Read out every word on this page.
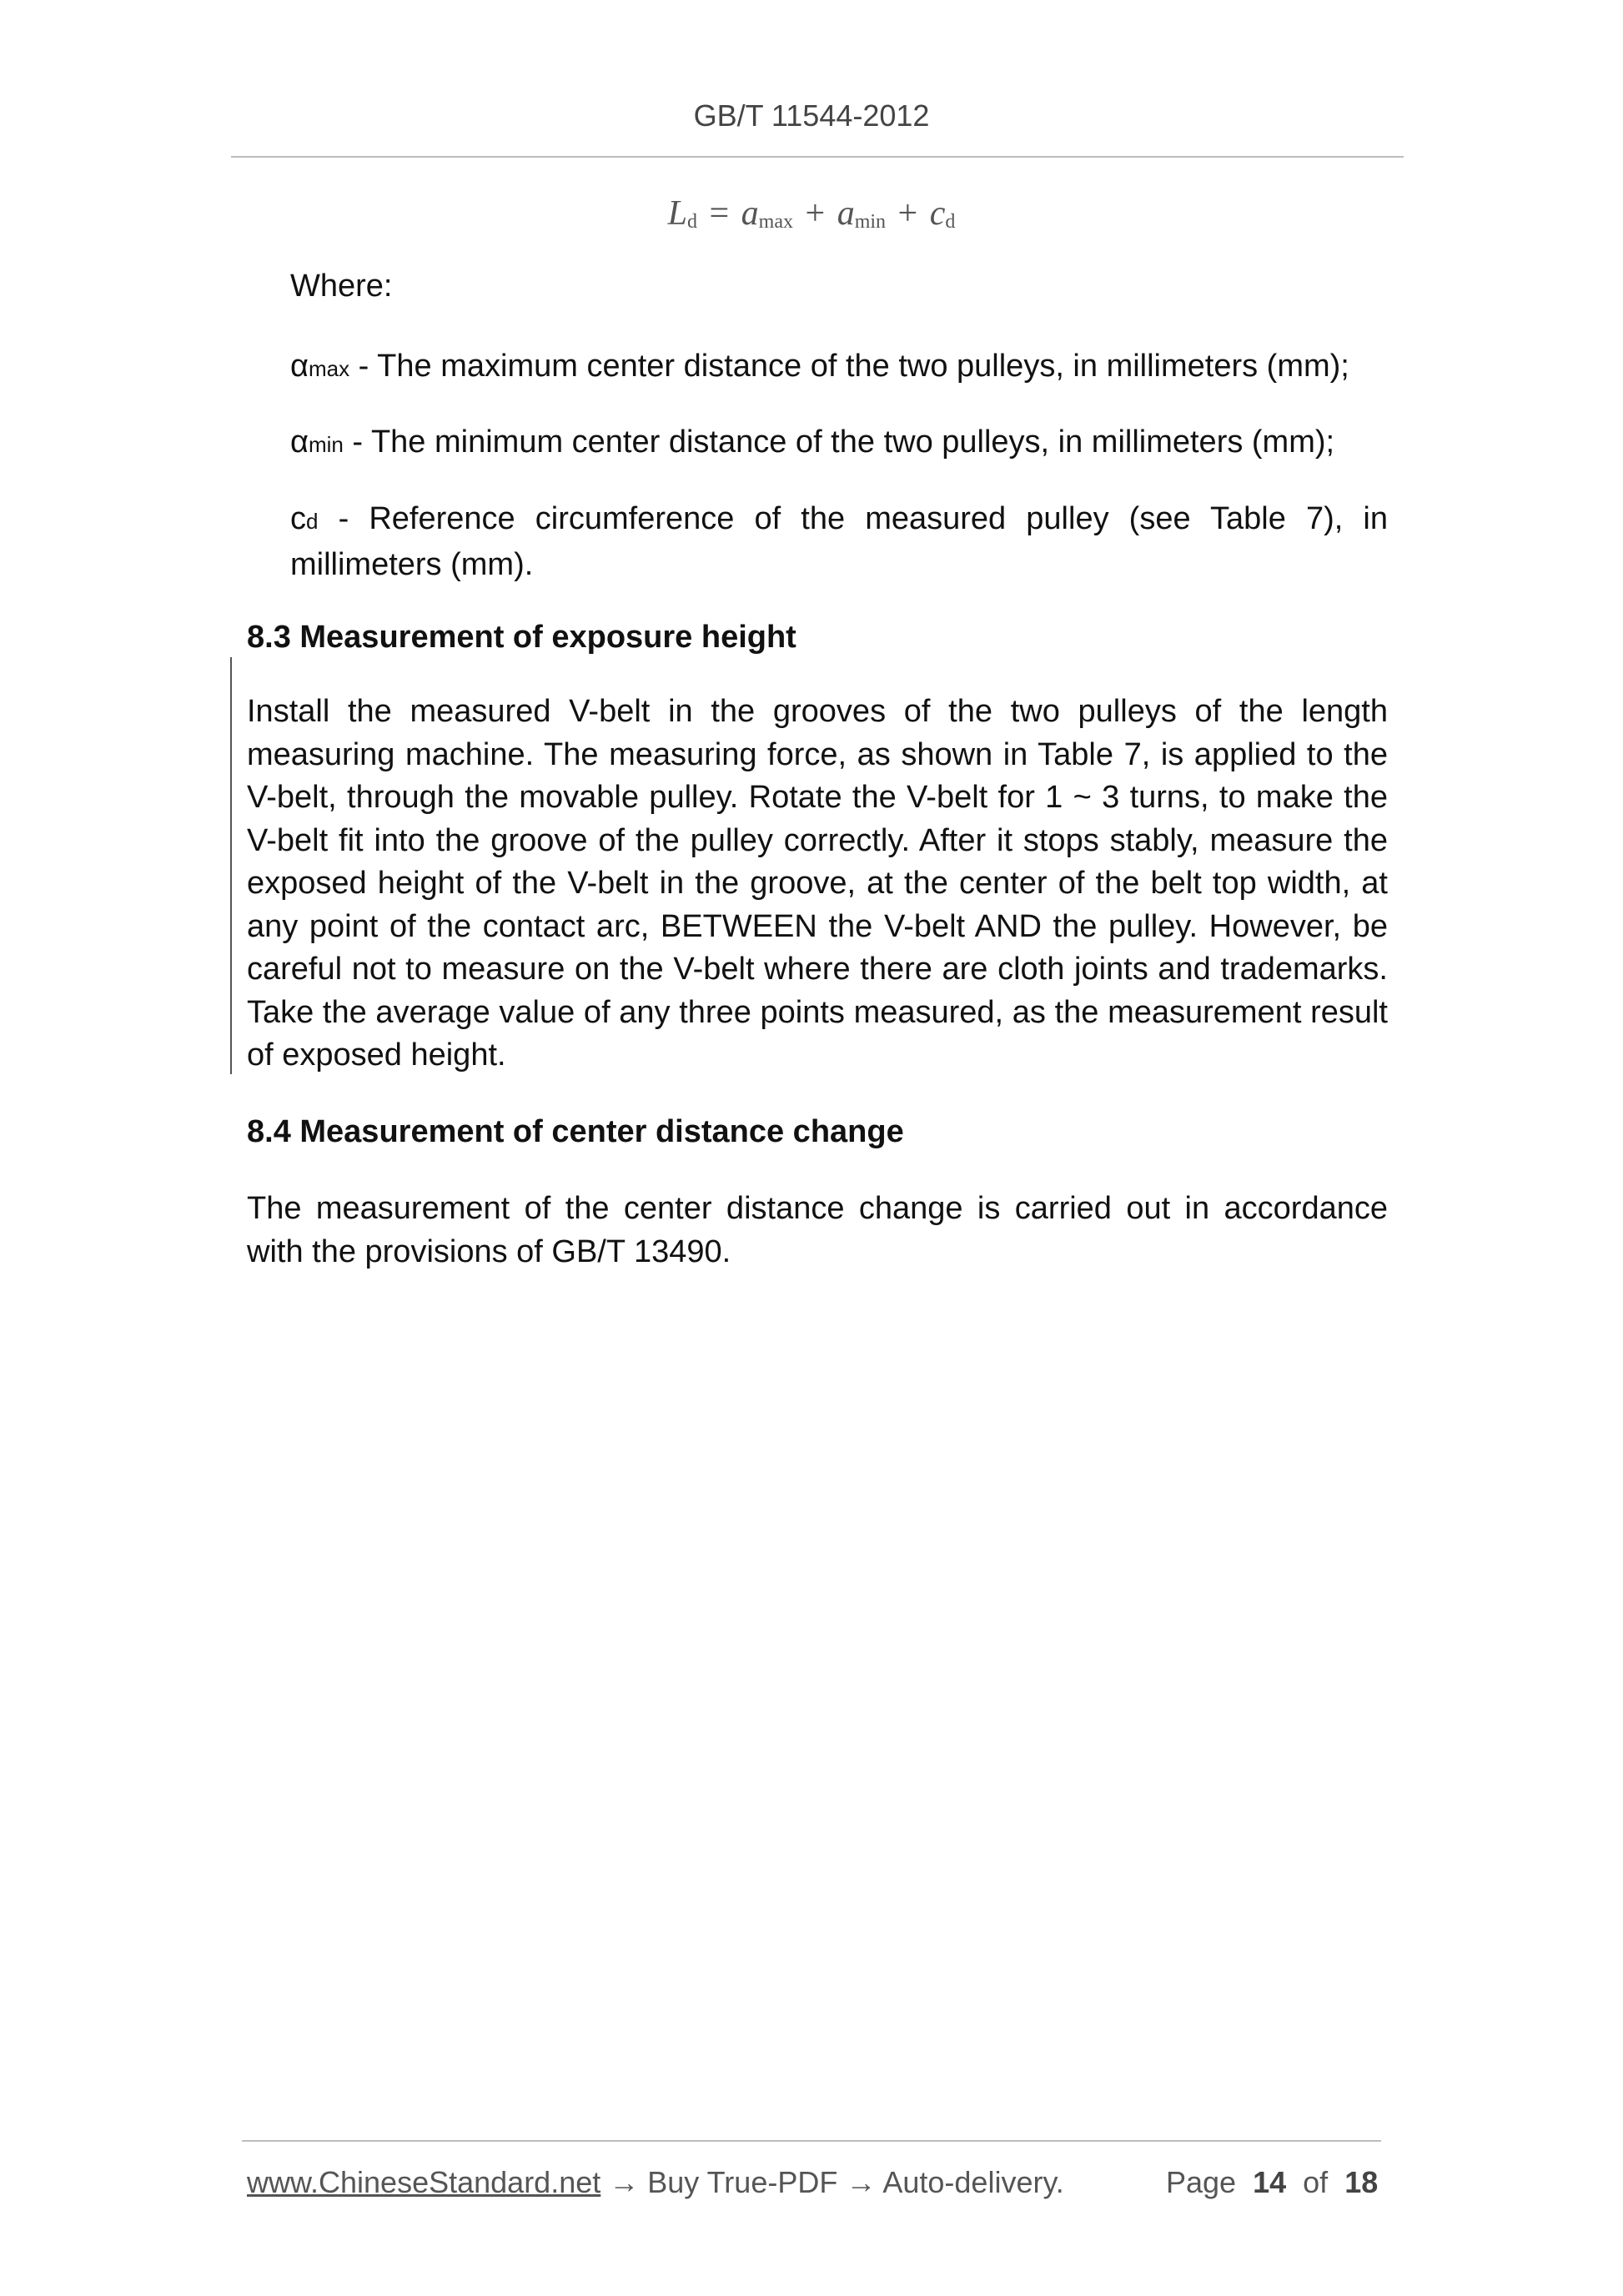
GB/T 11544-2012
$L_d = a_{max} + a_{min} + c_d$
Where:
αmax - The maximum center distance of the two pulleys, in millimeters (mm);
αmin - The minimum center distance of the two pulleys, in millimeters (mm);
cd - Reference circumference of the measured pulley (see Table 7), in millimeters (mm).
8.3 Measurement of exposure height
Install the measured V-belt in the grooves of the two pulleys of the length measuring machine. The measuring force, as shown in Table 7, is applied to the V-belt, through the movable pulley. Rotate the V-belt for 1 ~ 3 turns, to make the V-belt fit into the groove of the pulley correctly. After it stops stably, measure the exposed height of the V-belt in the groove, at the center of the belt top width, at any point of the contact arc, BETWEEN the V-belt AND the pulley. However, be careful not to measure on the V-belt where there are cloth joints and trademarks. Take the average value of any three points measured, as the measurement result of exposed height.
8.4 Measurement of center distance change
The measurement of the center distance change is carried out in accordance with the provisions of GB/T 13490.
www.ChineseStandard.net → Buy True-PDF → Auto-delivery.	Page 14 of 18
